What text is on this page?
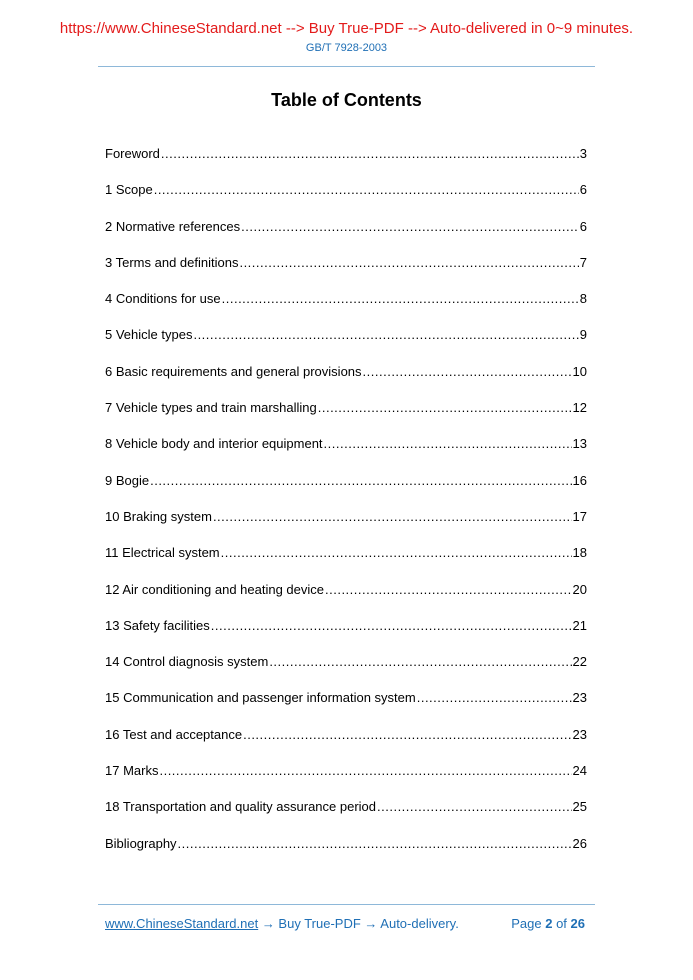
https://www.ChineseStandard.net --> Buy True-PDF --> Auto-delivered in 0~9 minutes.
GB/T 7928-2003
Table of Contents
Foreword .....	3
1 Scope .....	6
2 Normative references .....	6
3 Terms and definitions .....	7
4 Conditions for use .....	8
5 Vehicle types .....	9
6 Basic requirements and general provisions .....	10
7 Vehicle types and train marshalling .....	12
8 Vehicle body and interior equipment .....	13
9 Bogie .....	16
10 Braking system .....	17
11 Electrical system .....	18
12 Air conditioning and heating device .....	20
13 Safety facilities .....	21
14 Control diagnosis system .....	22
15 Communication and passenger information system .....	23
16 Test and acceptance .....	23
17 Marks .....	24
18 Transportation and quality assurance period .....	25
Bibliography .....	26
www.ChineseStandard.net → Buy True-PDF → Auto-delivery.	Page 2 of 26
